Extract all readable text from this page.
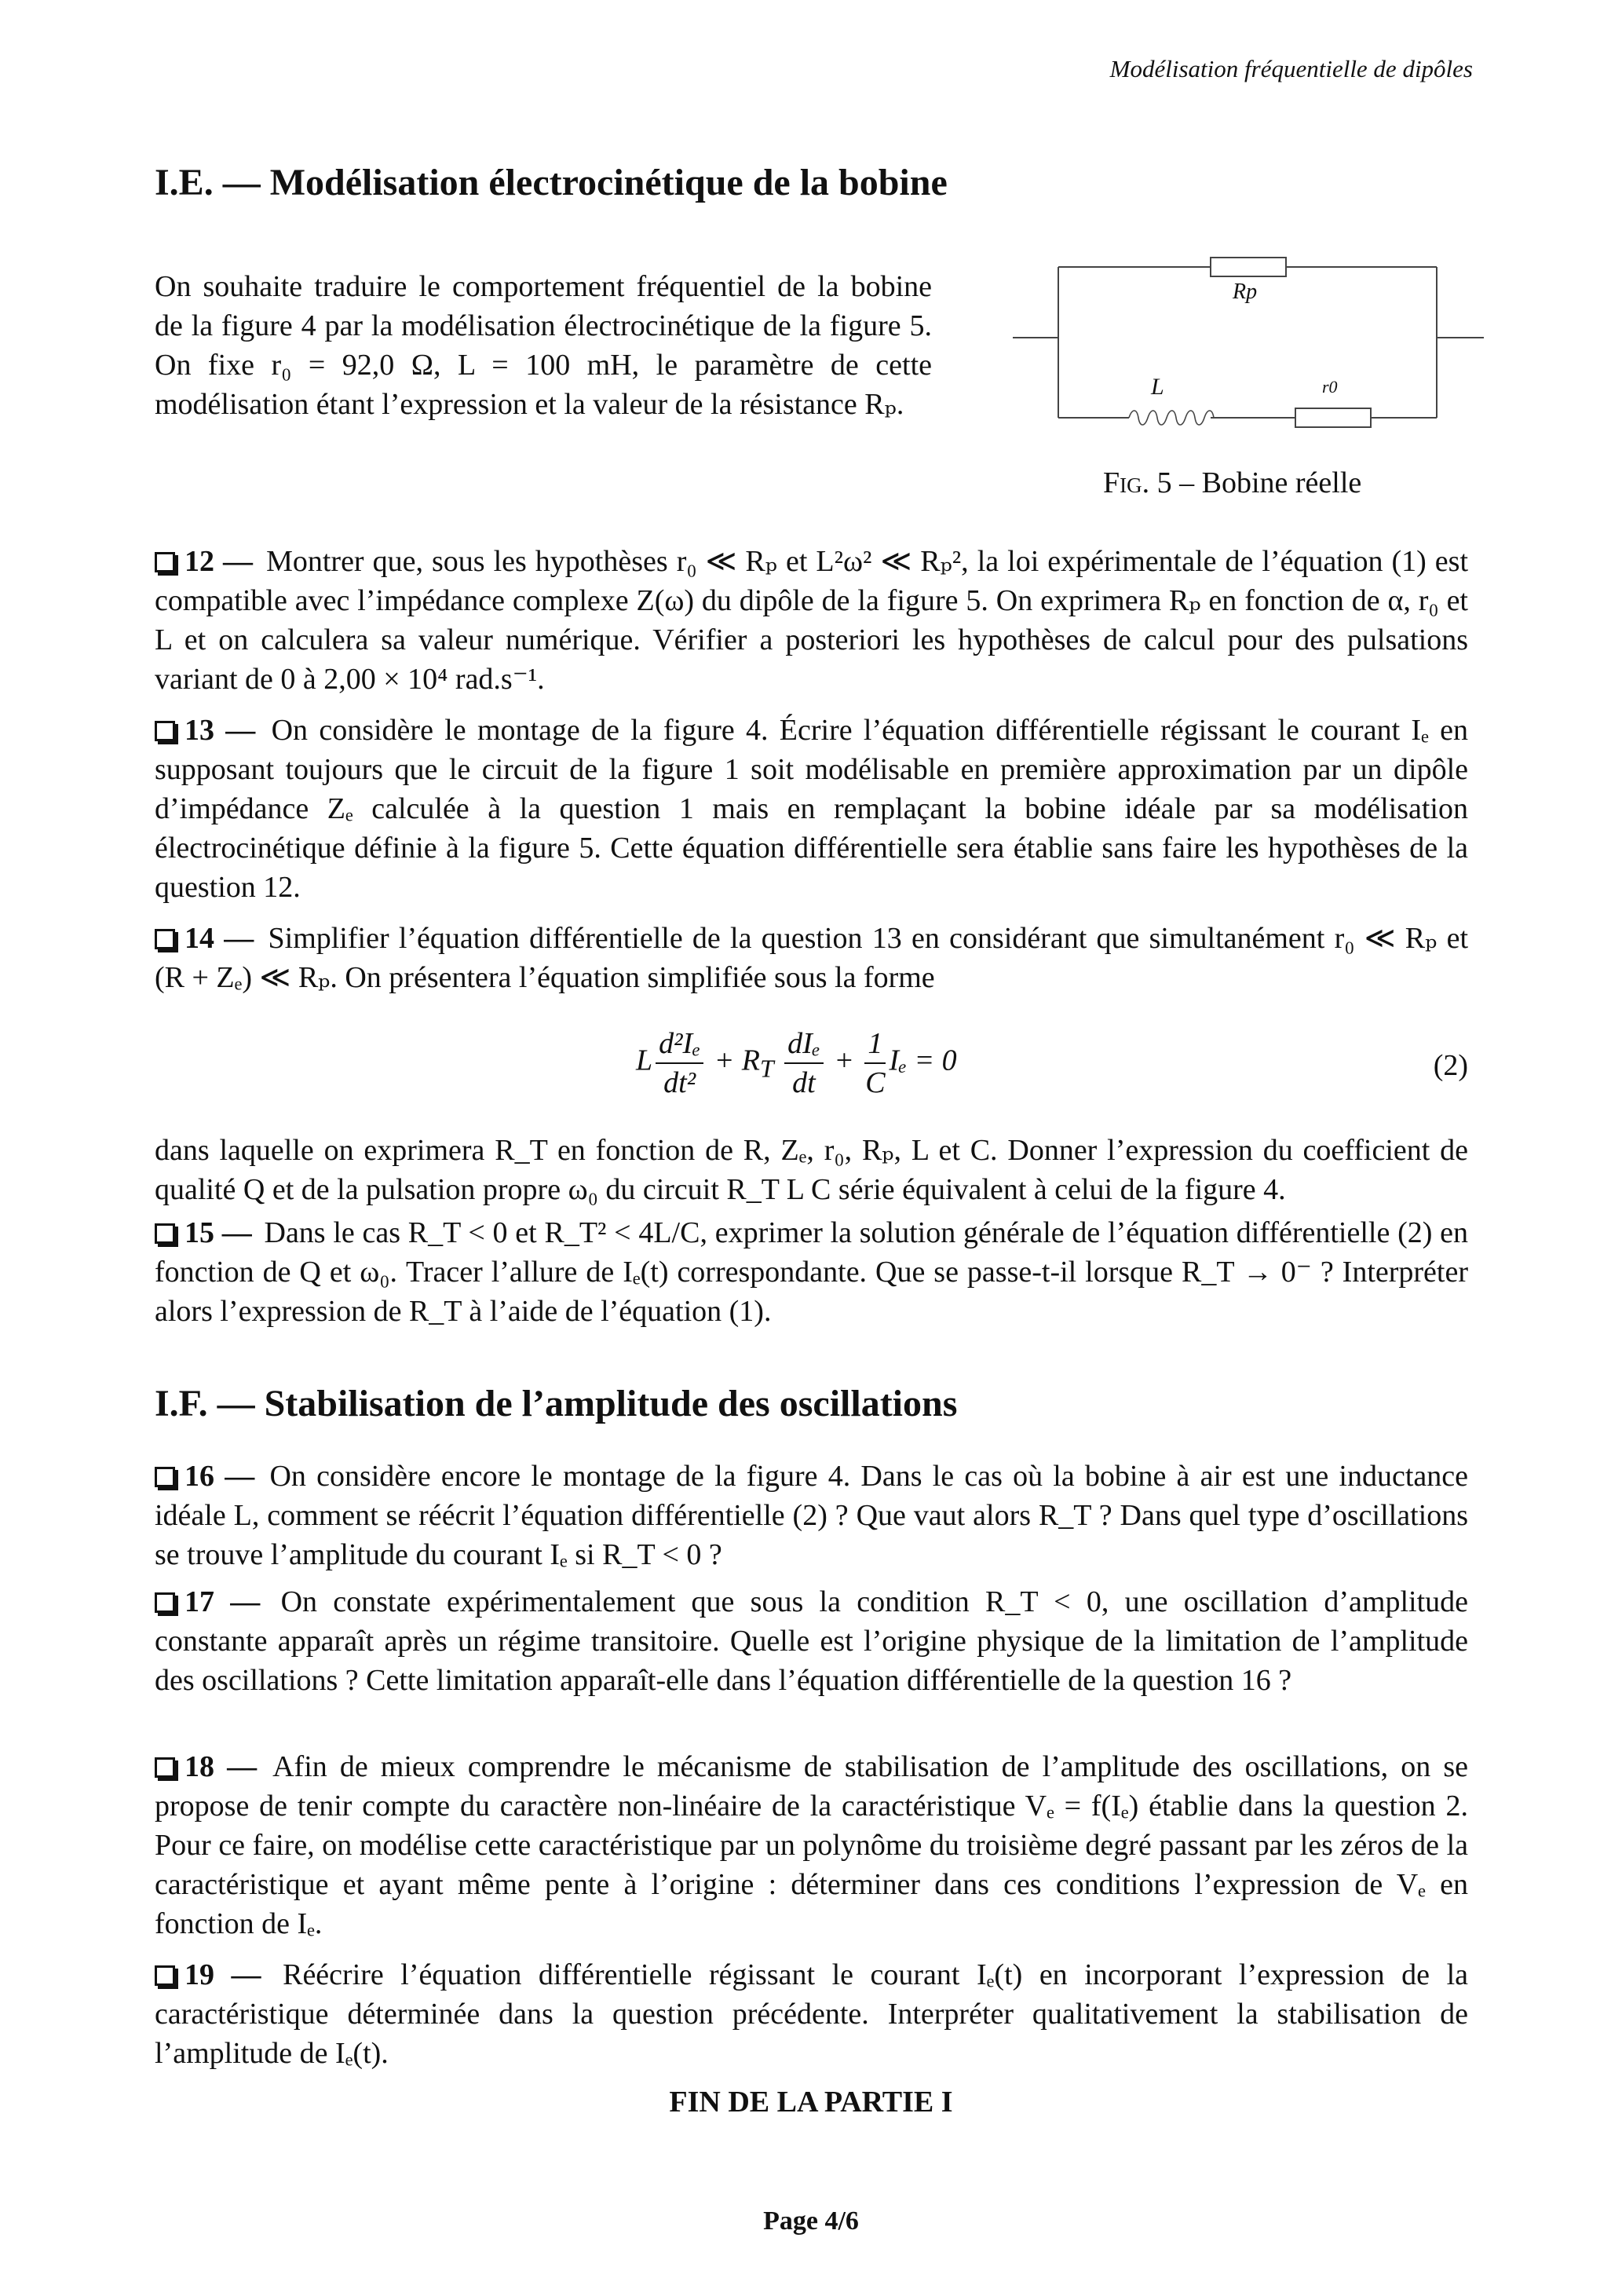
Modélisation fréquentielle de dipôles
I.E. — Modélisation électrocinétique de la bobine

On souhaite traduire le comportement fréquentiel de la bobine de la figure 4 par la modélisation électrocinétique de la figure 5. On fixe r₀ = 92,0 Ω, L = 100 mH, le paramètre de cette modélisation étant l’expression et la valeur de la résistance Rₚ.

Rp
L	r0
Fig. 5 – Bobine réelle
12 — Montrer que, sous les hypothèses r₀ ≪ Rₚ et L²ω² ≪ Rₚ², la loi expérimentale de l’équation (1) est compatible avec l’impédance complexe Z(ω) du dipôle de la figure 5. On exprimera Rₚ en fonction de α, r₀ et L et on calculera sa valeur numérique. Vérifier a posteriori les hypothèses de calcul pour des pulsations variant de 0 à 2,00 × 10⁴ rad.s⁻¹.
13 — On considère le montage de la figure 4. Écrire l’équation différentielle régissant le courant Iₑ en supposant toujours que le circuit de la figure 1 soit modélisable en première approximation par un dipôle d’impédance Zₑ calculée à la question 1 mais en remplaçant la bobine idéale par sa modélisation électrocinétique définie à la figure 5. Cette équation différentielle sera établie sans faire les hypothèses de la question 12.
14 — Simplifier l’équation différentielle de la question 13 en considérant que simultanément r₀ ≪ Rₚ et (R + Zₑ) ≪ Rₚ. On présentera l’équation simplifiée sous la forme
L $\frac{\text{d²Iₑ}}{\text{dt²}} + R_T \frac{\text{dIₑ}}{dt} + \frac{1}{C}$ Iₑ = 0	(2)

dans laquelle on exprimera R_T en fonction de R, Zₑ, r₀, Rₚ, L et C. Donner l’expression du coefficient de qualité Q et de la pulsation propre ω₀ du circuit R_T L C série équivalent à celui de la figure 4.

15 — Dans le cas R_T < 0 et R_T² < 4L/C, exprimer la solution générale de l’équation différentielle (2) en fonction de Q et ω₀. Tracer l’allure de Iₑ(t) correspondante. Que se passe-t-il lorsque R_T → 0⁻ ? Interpréter alors l’expression de R_T à l’aide de l’équation (1).
I.F. — Stabilisation de l’amplitude des oscillations
16 — On considère encore le montage de la figure 4. Dans le cas où la bobine à air est une inductance idéale L, comment se réécrit l’équation différentielle (2) ? Que vaut alors R_T ? Dans quel type d’oscillations se trouve l’amplitude du courant Iₑ si R_T < 0 ?
17 — On constate expérimentalement que sous la condition R_T < 0, une oscillation d’amplitude constante apparaît après un régime transitoire. Quelle est l’origine physique de la limitation de l’amplitude des oscillations ? Cette limitation apparaît-elle dans l’équation différentielle de la question 16 ?
18 — Afin de mieux comprendre le mécanisme de stabilisation de l’amplitude des oscillations, on se propose de tenir compte du caractère non-linéaire de la caractéristique Vₑ = f(Iₑ) établie dans la question 2. Pour ce faire, on modélise cette caractéristique par un polynôme du troisième degré passant par les zéros de la caractéristique et ayant même pente à l’origine : déterminer dans ces conditions l’expression de Vₑ en fonction de Iₑ.
19 — Réécrire l’équation différentielle régissant le courant Iₑ(t) en incorporant l’expression de la caractéristique déterminée dans la question précédente. Interpréter qualitativement la stabilisation de l’amplitude de Iₑ(t).
FIN DE LA PARTIE I
Page 4/6
